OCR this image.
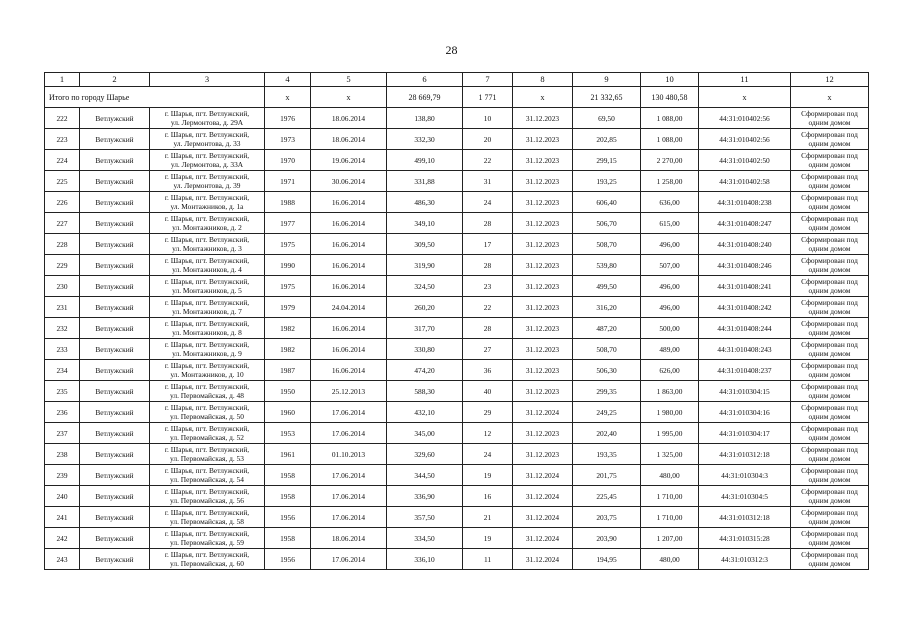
28
1	2	3	4	5	6	7	8	9	10	11	12
Итого по городу Шарье			х	х	28 669,79	1 771	х	21 332,65	130 480,58	х	х
222	Ветлужский	г. Шарья, пгт. Ветлужский,
ул. Лермонтова, д. 29А	1976	18.06.2014	138,80	10	31.12.2023	69,50	1 088,00	44:31:010402:56	Сформирован под
одним домом
223	Ветлужский	г. Шарья, пгт. Ветлужский,
ул. Лермонтова, д. 33	1973	18.06.2014	332,30	20	31.12.2023	202,85	1 088,00	44:31:010402:56	Сформирован под
одним домом
224	Ветлужский	г. Шарья, пгт. Ветлужский,
ул. Лермонтова, д. 33А	1970	19.06.2014	499,10	22	31.12.2023	299,15	2 270,00	44:31:010402:50	Сформирован под
одним домом
225	Ветлужский	г. Шарья, пгт. Ветлужский,
ул. Лермонтова, д. 39	1971	30.06.2014	331,88	31	31.12.2023	193,25	1 258,00	44:31:010402:58	Сформирован под
одним домом
226	Ветлужский	г. Шарья, пгт. Ветлужский,
ул. Монтажников, д. 1а	1988	16.06.2014	486,30	24	31.12.2023	606,40	636,00	44:31:010408:238	Сформирован под
одним домом
227	Ветлужский	г. Шарья, пгт. Ветлужский,
ул. Монтажников, д. 2	1977	16.06.2014	349,10	28	31.12.2023	506,70	615,00	44:31:010408:247	Сформирован под
одним домом
228	Ветлужский	г. Шарья, пгт. Ветлужский,
ул. Монтажников, д. 3	1975	16.06.2014	309,50	17	31.12.2023	508,70	496,00	44:31:010408:240	Сформирован под
одним домом
229	Ветлужский	г. Шарья, пгт. Ветлужский,
ул. Монтажников, д. 4	1990	16.06.2014	319,90	28	31.12.2023	539,80	507,00	44:31:010408:246	Сформирован под
одним домом
230	Ветлужский	г. Шарья, пгт. Ветлужский,
ул. Монтажников, д. 5	1975	16.06.2014	324,50	23	31.12.2023	499,50	496,00	44:31:010408:241	Сформирован под
одним домом
231	Ветлужский	г. Шарья, пгт. Ветлужский,
ул. Монтажников, д. 7	1979	24.04.2014	260,20	22	31.12.2023	316,20	496,00	44:31:010408:242	Сформирован под
одним домом
232	Ветлужский	г. Шарья, пгт. Ветлужский,
ул. Монтажников, д. 8	1982	16.06.2014	317,70	28	31.12.2023	487,20	500,00	44:31:010408:244	Сформирован под
одним домом
233	Ветлужский	г. Шарья, пгт. Ветлужский,
ул. Монтажников, д. 9	1982	16.06.2014	330,80	27	31.12.2023	508,70	489,00	44:31:010408:243	Сформирован под
одним домом
234	Ветлужский	г. Шарья, пгт. Ветлужский,
ул. Монтажников, д. 10	1987	16.06.2014	474,20	36	31.12.2023	506,30	626,00	44:31:010408:237	Сформирован под
одним домом
235	Ветлужский	г. Шарья, пгт. Ветлужский,
ул. Первомайская, д. 48	1950	25.12.2013	588,30	40	31.12.2023	299,35	1 863,00	44:31:010304:15	Сформирован под
одним домом
236	Ветлужский	г. Шарья, пгт. Ветлужский,
ул. Первомайская, д. 50	1960	17.06.2014	432,10	29	31.12.2024	249,25	1 980,00	44:31:010304:16	Сформирован под
одним домом
237	Ветлужский	г. Шарья, пгт. Ветлужский,
ул. Первомайская, д. 52	1953	17.06.2014	345,00	12	31.12.2023	202,40	1 995,00	44:31:010304:17	Сформирован под
одним домом
238	Ветлужский	г. Шарья, пгт. Ветлужский,
ул. Первомайская, д. 53	1961	01.10.2013	329,60	24	31.12.2023	193,35	1 325,00	44:31:010312:18	Сформирован под
одним домом
239	Ветлужский	г. Шарья, пгт. Ветлужский,
ул. Первомайская, д. 54	1958	17.06.2014	344,50	19	31.12.2024	201,75	480,00	44:31:010304:3	Сформирован под
одним домом
240	Ветлужский	г. Шарья, пгт. Ветлужский,
ул. Первомайская, д. 56	1958	17.06.2014	336,90	16	31.12.2024	225,45	1 710,00	44:31:010304:5	Сформирован под
одним домом
241	Ветлужский	г. Шарья, пгт. Ветлужский,
ул. Первомайская, д. 58	1956	17.06.2014	357,50	21	31.12.2024	203,75	1 710,00	44:31:010312:18	Сформирован под
одним домом
242	Ветлужский	г. Шарья, пгт. Ветлужский,
ул. Первомайская, д. 59	1958	18.06.2014	334,50	19	31.12.2024	203,90	1 207,00	44:31:010315:28	Сформирован под
одним домом
243	Ветлужский	г. Шарья, пгт. Ветлужский,
ул. Первомайская, д. 60	1956	17.06.2014	336,10	11	31.12.2024	194,95	480,00	44:31:010312:3	Сформирован под
одним домом
